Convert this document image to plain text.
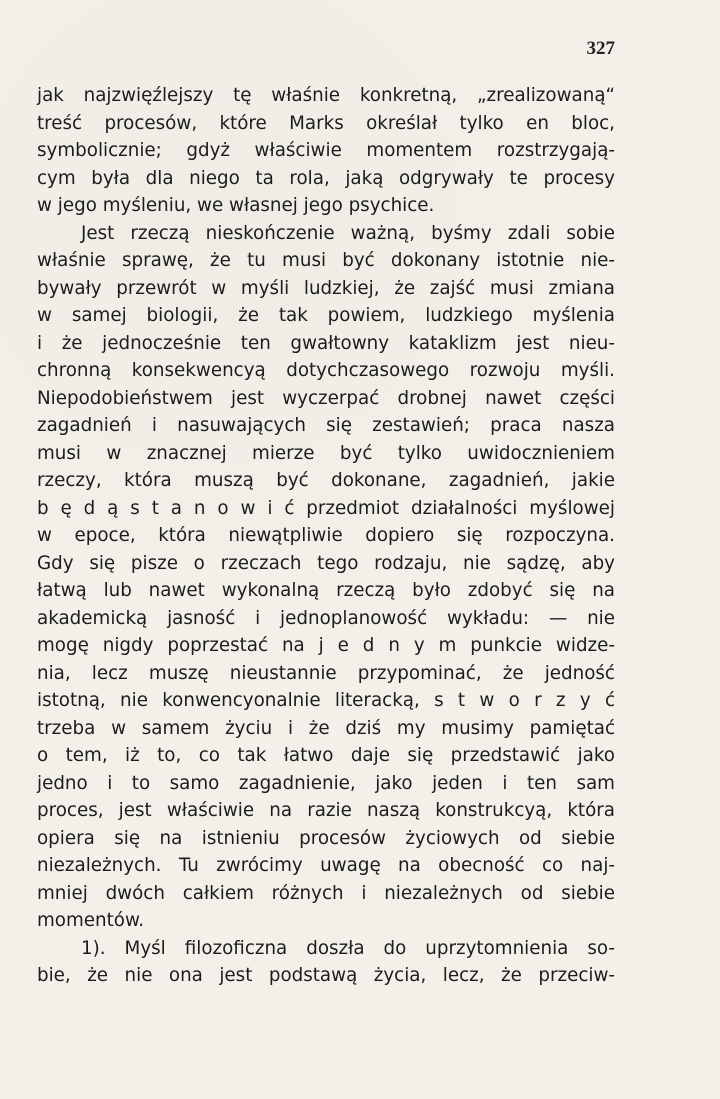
327
jak najzwięźlejszy tę właśnie konkretną, „zrealizowaną“
treść procesów, które Marks określał tylko en bloc,
symbolicznie; gdyż właściwie momentem rozstrzygają-
cym była dla niego ta rola, jaką odgrywały te procesy
w jego myśleniu, we własnej jego psychice.
Jest rzeczą nieskończenie ważną, byśmy zdali sobie
właśnie sprawę, że tu musi być dokonany istotnie nie-
bywały przewrót w myśli ludzkiej, że zajść musi zmiana
w samej biologii, że tak powiem, ludzkiego myślenia
i że jednocześnie ten gwałtowny kataklizm jest nieu-
chronną konsekwencyą dotychczasowego rozwoju myśli.
Niepodobieństwem jest wyczerpać drobnej nawet części
zagadnień i nasuwających się zestawień; praca nasza
musi w znacznej mierze być tylko uwidocznieniem
rzeczy, która muszą być dokonane, zagadnień, jakie
b ę d ą s t a n o w i ć przedmiot działalności myślowej
w epoce, która niewątpliwie dopiero się rozpoczyna.
Gdy się pisze o rzeczach tego rodzaju, nie sądzę, aby
łatwą lub nawet wykonalną rzeczą było zdobyć się na
akademicką jasność i jednoplanowość wykładu: — nie
mogę nigdy poprzestać na j e d n y m punkcie widze-
nia, lecz muszę nieustannie przypominać, że jedność
istotną, nie konwencyonalnie literacką, s t w o r z y ć
trzeba w samem życiu i że dziś my musimy pamiętać
o tem, iż to, co tak łatwo daje się przedstawić jako
jedno i to samo zagadnienie, jako jeden i ten sam
proces, jest właściwie na razie naszą konstrukcyą, która
opiera się na istnieniu procesów życiowych od siebie
niezależnych. Tu zwrócimy uwagę na obecność co naj-
mniej dwóch całkiem różnych i niezależnych od siebie
momentów.
1). Myśl filozoficzna doszła do uprzytomnienia so-
bie, że nie ona jest podstawą życia, lecz, że przeciw-
